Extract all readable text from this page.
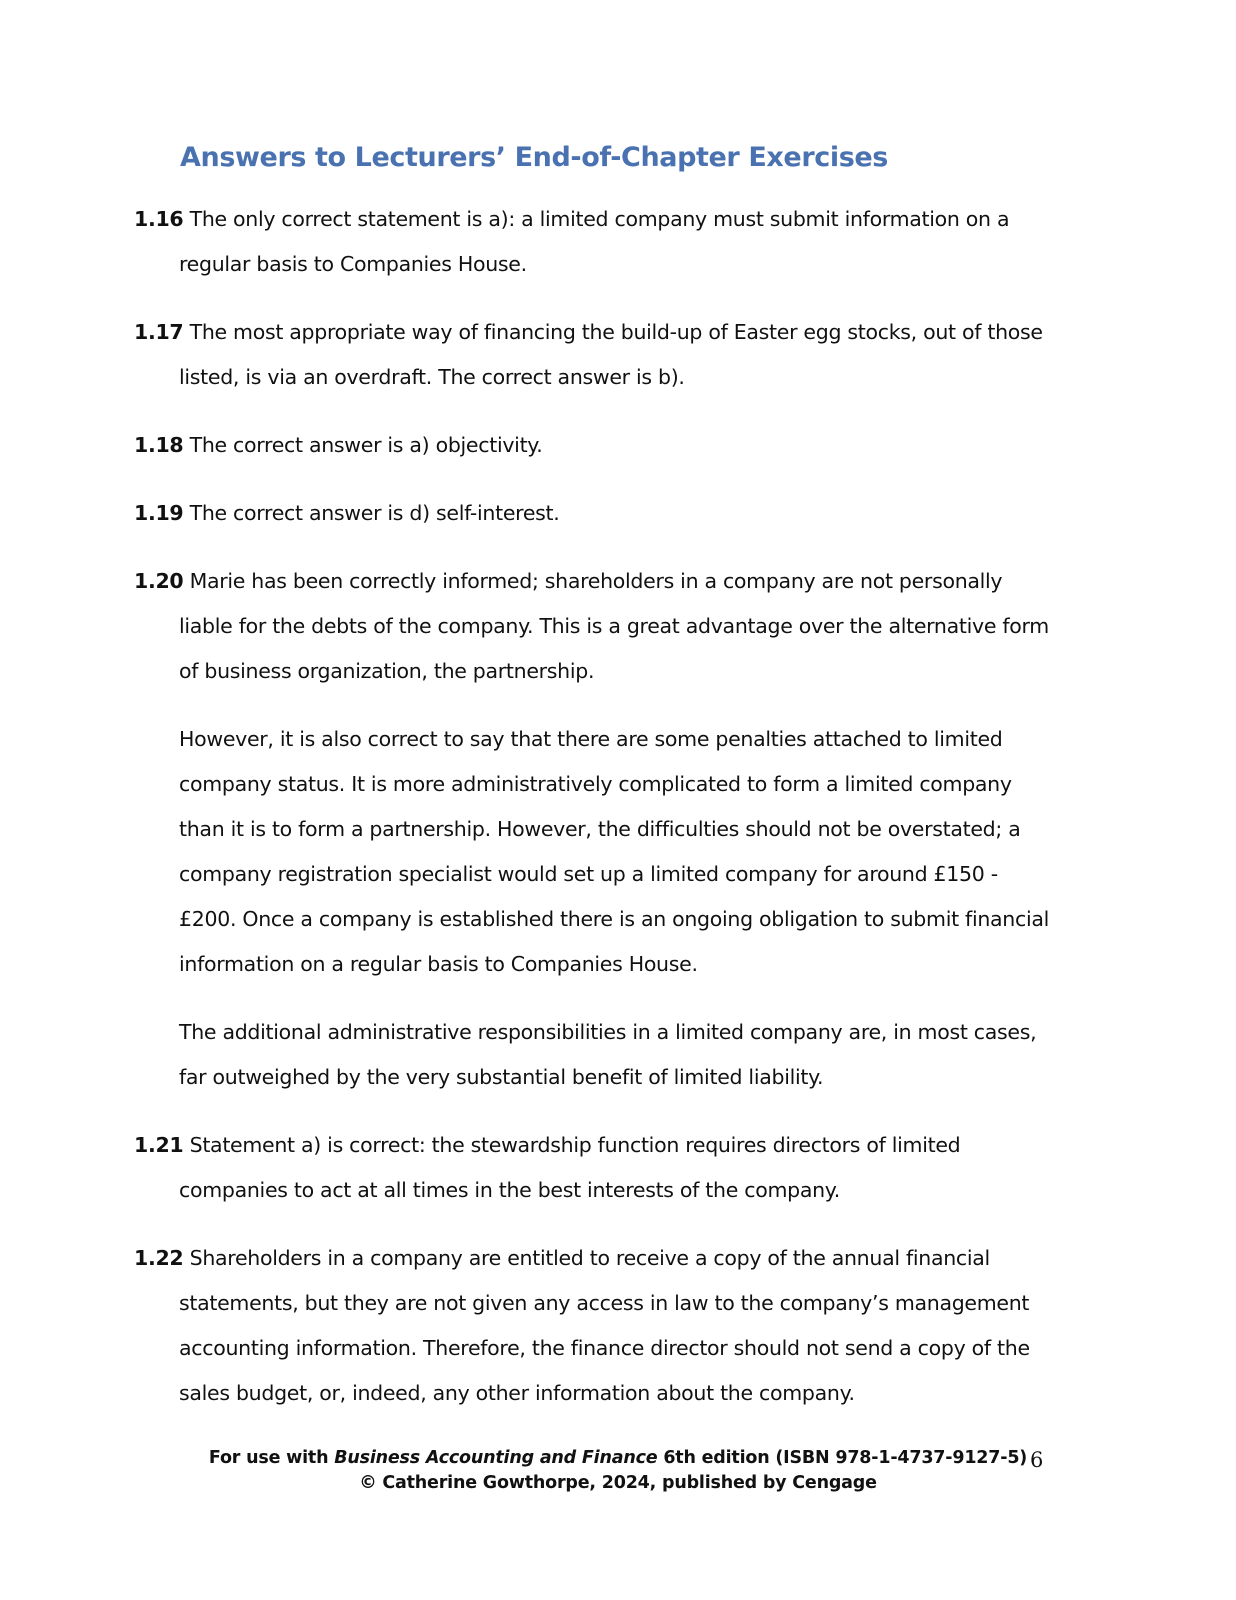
Answers to Lecturers’ End-of-Chapter Exercises

1.16 The only correct statement is a): a limited company must submit information on a regular basis to Companies House.

1.17 The most appropriate way of financing the build-up of Easter egg stocks, out of those listed, is via an overdraft. The correct answer is b).

1.18 The correct answer is a) objectivity.

1.19 The correct answer is d) self-interest.

1.20 Marie has been correctly informed; shareholders in a company are not personally liable for the debts of the company. This is a great advantage over the alternative form of business organization, the partnership.

However, it is also correct to say that there are some penalties attached to limited company status. It is more administratively complicated to form a limited company than it is to form a partnership. However, the difficulties should not be overstated; a company registration specialist would set up a limited company for around £150 - £200. Once a company is established there is an ongoing obligation to submit financial information on a regular basis to Companies House.

The additional administrative responsibilities in a limited company are, in most cases, far outweighed by the very substantial benefit of limited liability.

1.21 Statement a) is correct: the stewardship function requires directors of limited companies to act at all times in the best interests of the company.

1.22 Shareholders in a company are entitled to receive a copy of the annual financial statements, but they are not given any access in law to the company’s management accounting information. Therefore, the finance director should not send a copy of the sales budget, or, indeed, any other information about the company.

For use with Business Accounting and Finance 6th edition (ISBN 978-1-4737-9127-5)
© Catherine Gowthorpe, 2024, published by Cengage
6
